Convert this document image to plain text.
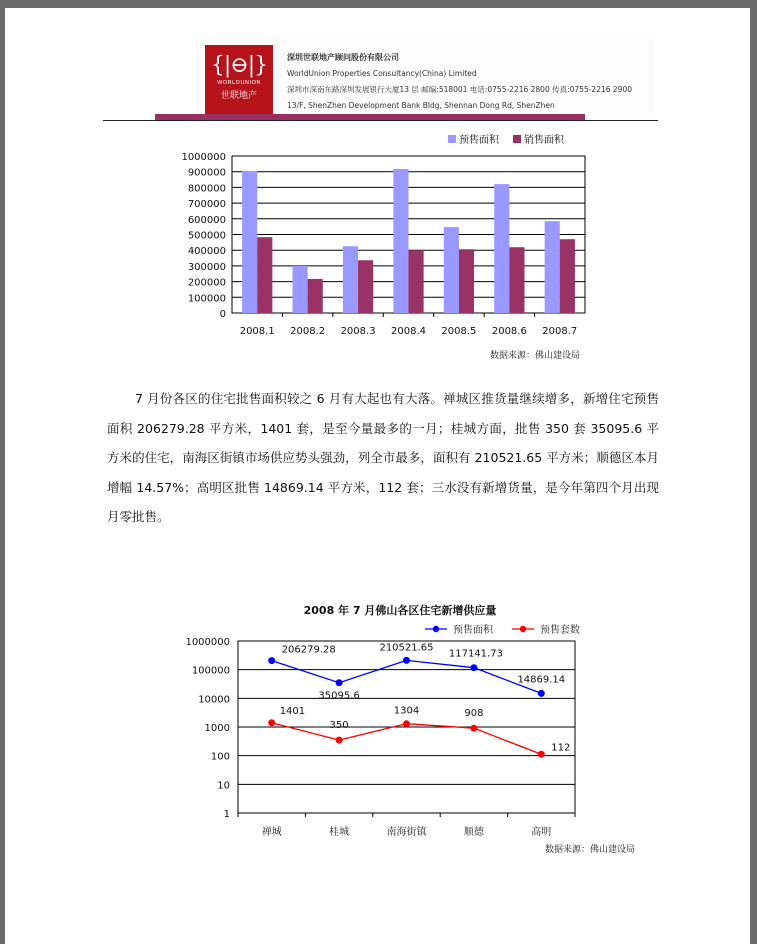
{|⊖|}
WORLDUNION
世联地产
深圳世联地产顾问股份有限公司
WorldUnion Properties Consultancy(China) Limited
深圳市深南东路深圳发展银行大厦13 层 邮编:518001 电话:0755-2216 2800 传真:0755-2216 2900
13/F, ShenZhen Development Bank Bldg, Shennan Dong Rd, ShenZhen
0
100000
200000
300000
400000
500000
600000
700000
800000
900000
1000000
2008.1 2008.2 2008.3 2008.4 2008.5 2008.6 2008.7
预售面积	销售面积
数据来源：佛山建设局
7 月份各区的住宅批售面积较之 6 月有大起也有大落。禅城区推货量继续增多，新增住宅预售面积 206279.28 平方米，1401 套，是至今量最多的一月；桂城方面，批售 350 套 35095.6 平方米的住宅，南海区街镇市场供应势头强劲，列全市最多，面积有 210521.65 平方米；顺德区本月增幅 14.57%；高明区批售 14869.14 平方米，112 套；三水没有新增货量，是今年第四个月出现月零批售。
2008 年 7 月佛山各区住宅新增供应量
1
10
100
1000
10000
100000
1000000
206279.28
35095.6
210521.65
117141.73
14869.14
1401
350
1304	908
112
禅城	桂城	南海街镇	顺德	高明
预售面积	预售套数
数据来源：佛山建设局
